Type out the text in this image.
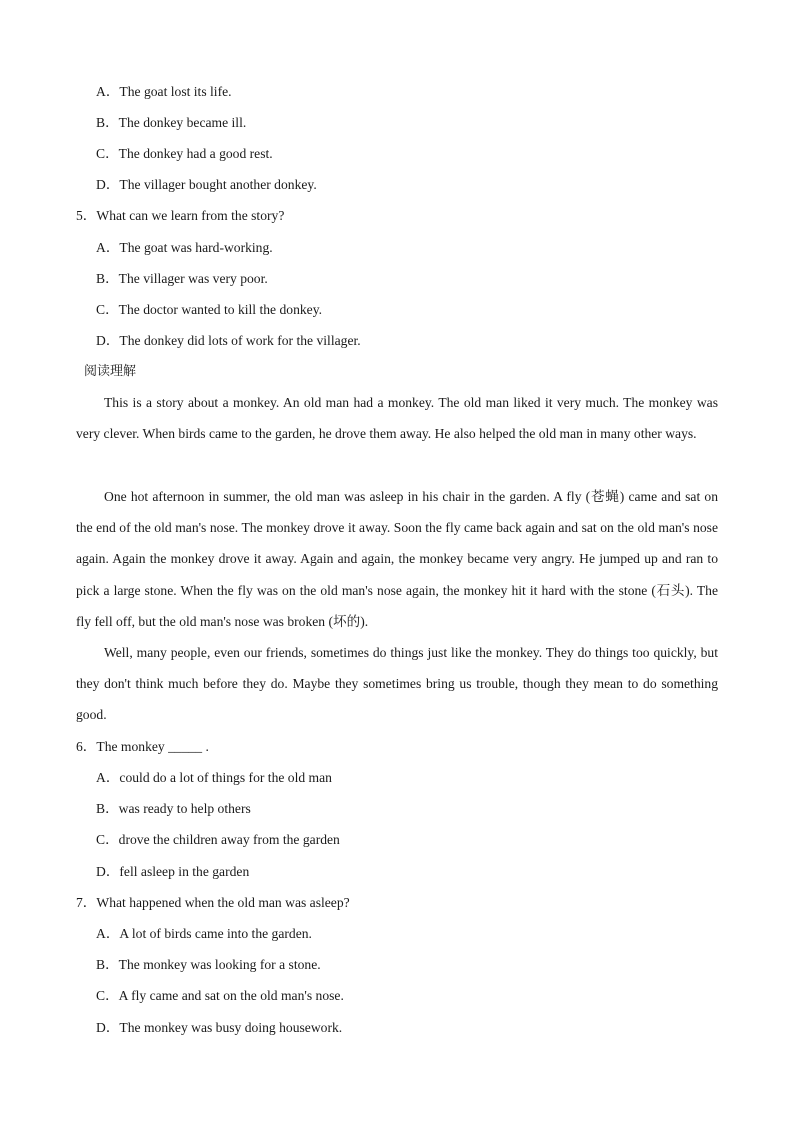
A．The goat lost its life.
B．The donkey became ill.
C．The donkey had a good rest.
D．The villager bought another donkey.
5．What can we learn from the story?
A．The goat was hard-working.
B．The villager was very poor.
C．The doctor wanted to kill the donkey.
D．The donkey did lots of work for the villager.
阅读理解
This is a story about a monkey. An old man had a monkey. The old man liked it very much. The monkey was very clever. When birds came to the garden, he drove them away. He also helped the old man in many other ways.
One hot afternoon in summer, the old man was asleep in his chair in the garden. A fly (苍蝇) came and sat on the end of the old man's nose. The monkey drove it away. Soon the fly came back again and sat on the old man's nose again. Again the monkey drove it away. Again and again, the monkey became very angry. He jumped up and ran to pick a large stone. When the fly was on the old man's nose again, the monkey hit it hard with the stone (石头). The fly fell off, but the old man's nose was broken (坏的).
Well, many people, even our friends, sometimes do things just like the monkey. They do things too quickly, but they don't think much before they do. Maybe they sometimes bring us trouble, though they mean to do something good.
6．The monkey _____ .
A．could do a lot of things for the old man
B．was ready to help others
C．drove the children away from the garden
D．fell asleep in the garden
7．What happened when the old man was asleep?
A．A lot of birds came into the garden.
B．The monkey was looking for a stone.
C．A fly came and sat on the old man's nose.
D．The monkey was busy doing housework.
